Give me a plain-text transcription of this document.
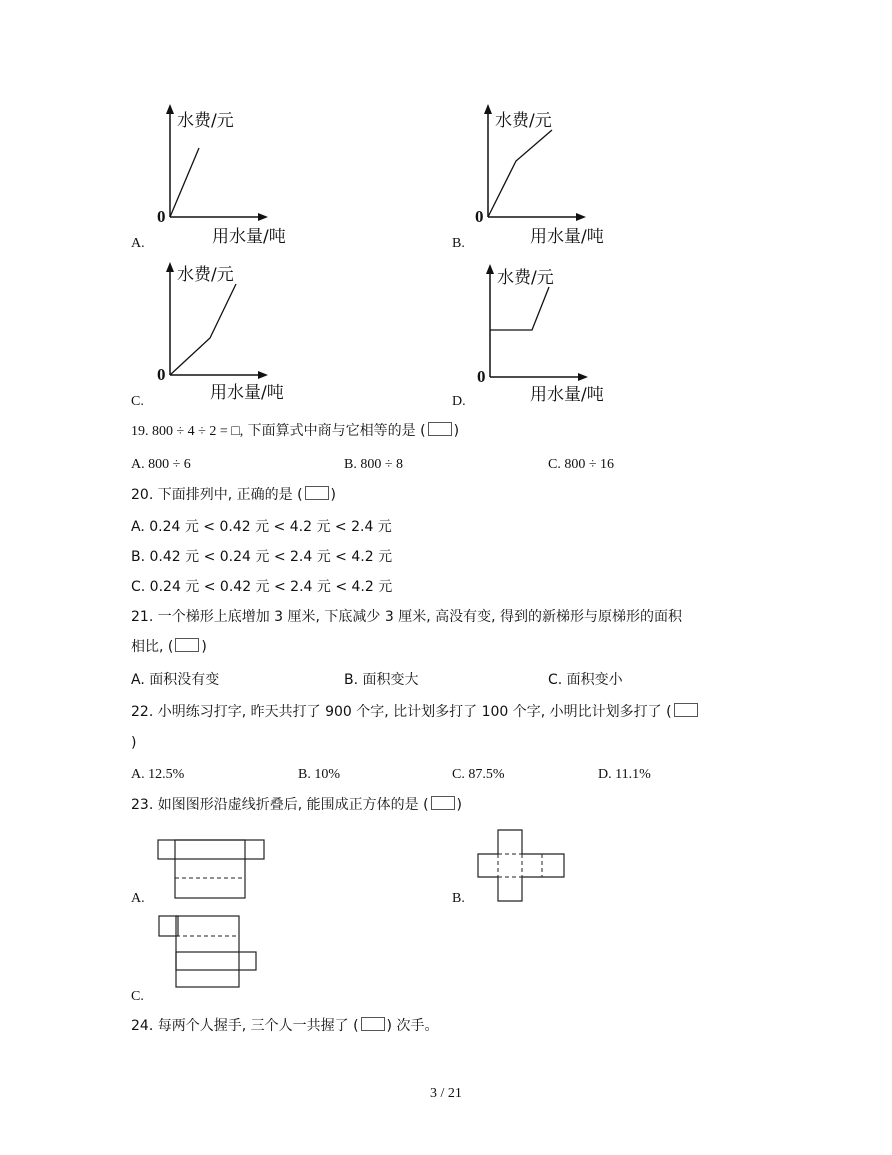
水费/元
用水量/吨
0
A.
水费/元
用水量/吨
0
B.
水费/元
用水量/吨
0
C.
水费/元
用水量/吨
0
D.
19. 800 ÷ 4 ÷ 2 = □, 下面算式中商与它相等的是 ( )
A. 800 ÷ 6	B. 800 ÷ 8	C. 800 ÷ 16
20. 下面排列中, 正确的是 ( )
A. 0.24 元 < 0.42 元 < 4.2 元 < 2.4 元
B. 0.42 元 < 0.24 元 < 2.4 元 < 4.2 元
C. 0.24 元 < 0.42 元 < 2.4 元 < 4.2 元
21. 一个梯形上底增加 3 厘米, 下底减少 3 厘米, 高没有变, 得到的新梯形与原梯形的面积
相比, ( )
A. 面积没有变	B. 面积变大	C. 面积变小
22. 小明练习打字, 昨天共打了 900 个字, 比计划多打了 100 个字, 小明比计划多打了 (
)
A. 12.5%	B. 10%	C. 87.5%	D. 11.1%
23. 如图图形沿虚线折叠后, 能围成正方体的是 ( )
A.	B.
C.
24. 每两个人握手, 三个人一共握了 ( ) 次手。
3 / 21
